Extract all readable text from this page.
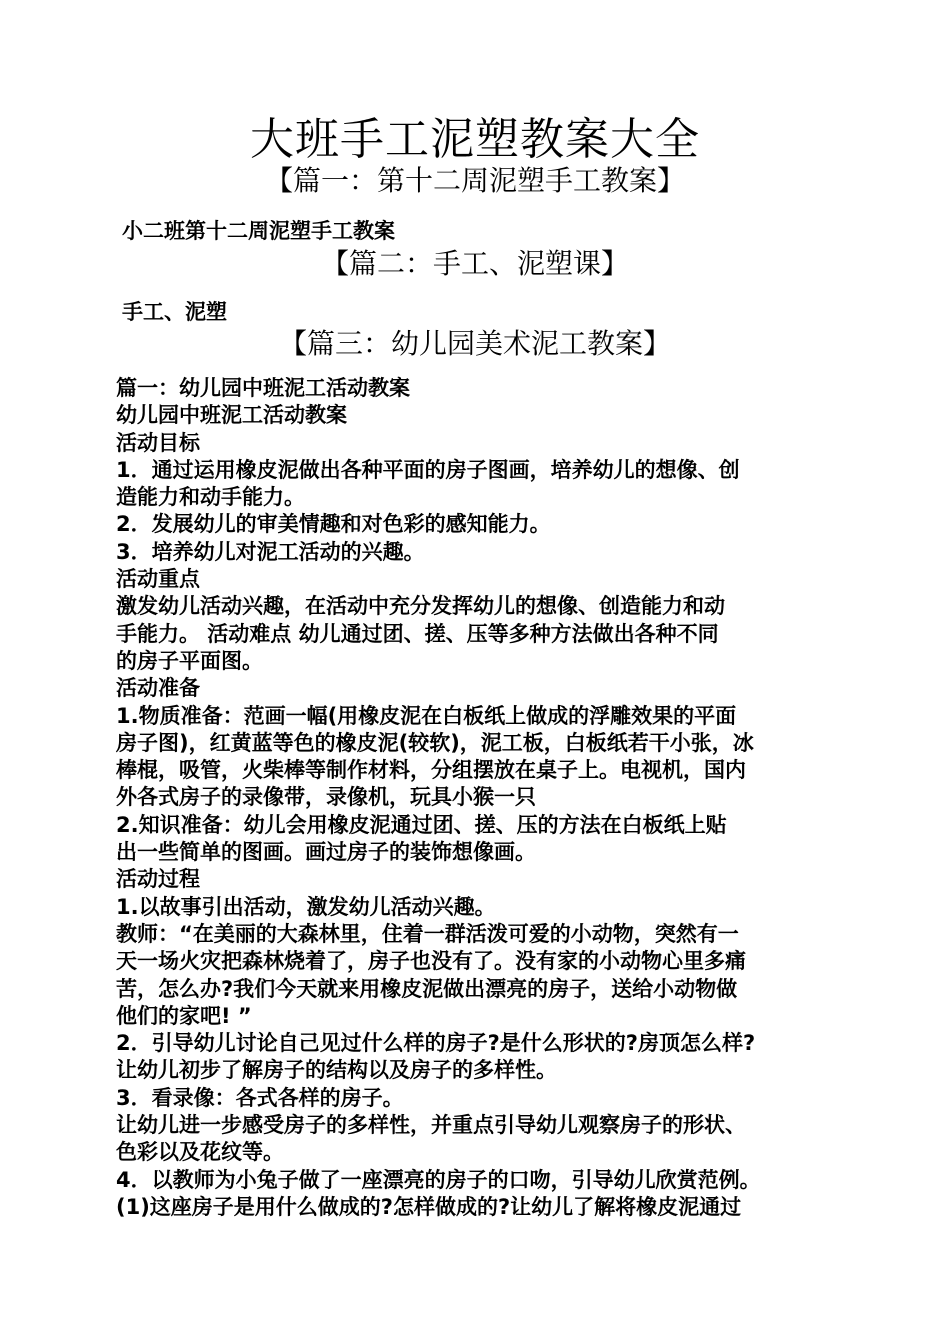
大班手工泥塑教案大全
【篇一：第十二周泥塑手工教案】

小二班第十二周泥塑手工教案

【篇二：手工、泥塑课】

手工、泥塑

【篇三：幼儿园美术泥工教案】
篇一：幼儿园中班泥工活动教案
幼儿园中班泥工活动教案
活动目标
1．通过运用橡皮泥做出各种平面的房子图画，培养幼儿的想像、创
造能力和动手能力。
2．发展幼儿的审美情趣和对色彩的感知能力。
3．培养幼儿对泥工活动的兴趣。
活动重点
激发幼儿活动兴趣，在活动中充分发挥幼儿的想像、创造能力和动
手能力。 活动难点 幼儿通过团、搓、压等多种方法做出各种不同
的房子平面图。
活动准备
1.物质准备：范画一幅(用橡皮泥在白板纸上做成的浮雕效果的平面
房子图)，红黄蓝等色的橡皮泥(较软)，泥工板，白板纸若干小张，冰
棒棍，吸管，火柴棒等制作材料，分组摆放在桌子上。电视机，国内
外各式房子的录像带，录像机，玩具小猴一只
2.知识准备：幼儿会用橡皮泥通过团、搓、压的方法在白板纸上贴
出一些简单的图画。画过房子的装饰想像画。
活动过程
1.以故事引出活动，激发幼儿活动兴趣。
教师：“在美丽的大森林里，住着一群活泼可爱的小动物，突然有一
天一场火灾把森林烧着了，房子也没有了。没有家的小动物心里多痛
苦，怎么办?我们今天就来用橡皮泥做出漂亮的房子，送给小动物做
他们的家吧! ”
2．引导幼儿讨论自己见过什么样的房子?是什么形状的?房顶怎么样?
让幼儿初步了解房子的结构以及房子的多样性。
3．看录像：各式各样的房子。
让幼儿进一步感受房子的多样性，并重点引导幼儿观察房子的形状、
色彩以及花纹等。
4．以教师为小兔子做了一座漂亮的房子的口吻，引导幼儿欣赏范例。
(1)这座房子是用什么做成的?怎样做成的?让幼儿了解将橡皮泥通过
